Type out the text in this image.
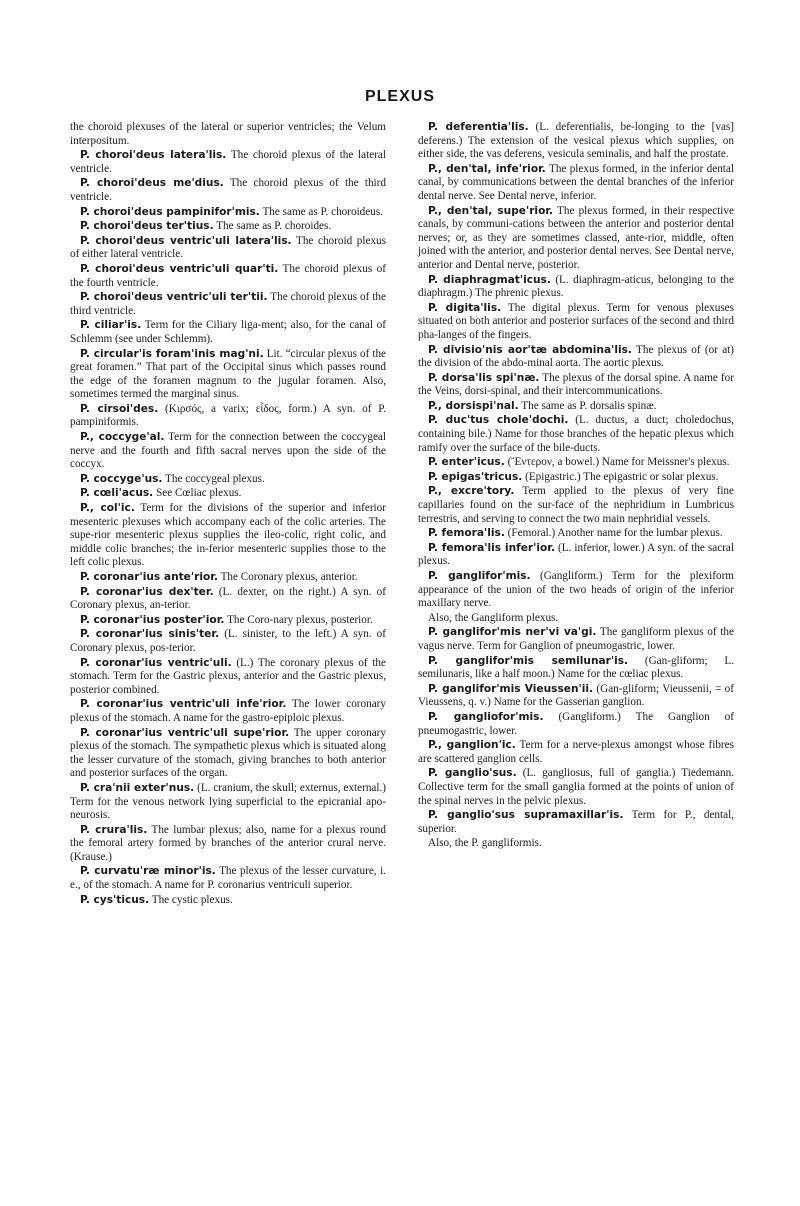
PLEXUS

the choroid plexuses of the lateral or superior ventricles; the Velum interpositum.

P. choroi'deus latera'lis. The choroid plexus of the lateral ventricle.

P. choroi'deus me'dius. The choroid plexus of the third ventricle.

P. choroi'deus pampinifor'mis. The same as P. choroideus.

P. choroi'deus ter'tius. The same as P. choroides.

P. choroi'deus ventric'uli latera'lis. The choroid plexus of either lateral ventricle.

P. choroi'deus ventric'uli quar'ti. The choroid plexus of the fourth ventricle.

P. choroi'deus ventric'uli ter'tii. The choroid plexus of the third ventricle.

P. ciliar'is. Term for the Ciliary liga-ment; also, for the canal of Schlemm (see under Schlemm).

P. circular'is foram'inis mag'ni. Lit. “circular plexus of the great foramen.” That part of the Occipital sinus which passes round the edge of the foramen magnum to the jugular foramen. Also, sometimes termed the marginal sinus.

P. cirsoi'des. (Κιρσός, a varix; εἶδος, form.) A syn. of P. pampiniformis.

P., coccyge'al. Term for the connection between the coccygeal nerve and the fourth and fifth sacral nerves upon the side of the coccyx.

P. coccyge'us. The coccygeal plexus.

P. cœli'acus. See Cœliac plexus.

P., col'ic. Term for the divisions of the superior and inferior mesenteric plexuses which accompany each of the colic arteries. The supe-rior mesenteric plexus supplies the ileo-colic, right colic, and middle colic branches; the in-ferior mesenteric supplies those to the left colic plexus.

P. coronar'ius ante'rior. The Coronary plexus, anterior.

P. coronar'ius dex'ter. (L. dexter, on the right.) A syn. of Coronary plexus, an-terior.

P. coronar'ius poster'ior. The Coro-nary plexus, posterior.

P. coronar'ius sinis'ter. (L. sinister, to the left.) A syn. of Coronary plexus, pos-terior.

P. coronar'ius ventric'uli. (L.) The coronary plexus of the stomach. Term for the Gastric plexus, anterior and the Gastric plexus, posterior combined.

P. coronar'ius ventric'uli infe'rior. The lower coronary plexus of the stomach. A name for the gastro-epiploic plexus.

P. coronar'ius ventric'uli supe'rior. The upper coronary plexus of the stomach. The sympathetic plexus which is situated along the lesser curvature of the stomach, giving branches to both anterior and posterior surfaces of the organ.

P. cra'nii exter'nus. (L. cranium, the skull; externus, external.) Term for the venous network lying superficial to the epicranial apo-neurosis.

P. crura'lis. The lumbar plexus; also, name for a plexus round the femoral artery formed by branches of the anterior crural nerve. (Krause.)

P. curvatu'ræ minor'is. The plexus of the lesser curvature, i. e., of the stomach. A name for P. coronarius ventriculi superior.

P. cys'ticus. The cystic plexus.

P. deferentia'lis. (L. deferentialis, be-longing to the [vas] deferens.) The extension of the vesical plexus which supplies, on either side, the vas deferens, vesicula seminalis, and half the prostate.

P., den'tal, infe'rior. The plexus formed, in the inferior dental canal, by communications between the dental branches of the inferior dental nerve. See Dental nerve, inferior.

P., den'tal, supe'rior. The plexus formed, in their respective canals, by communi-cations between the anterior and posterior dental nerves; or, as they are sometimes classed, ante-rior, middle, often joined with the anterior, and posterior dental nerves. See Dental nerve, anterior and Dental nerve, posterior.

P. diaphragmat'icus. (L. diaphragm-aticus, belonging to the diaphragm.) The phrenic plexus.

P. digita'lis. The digital plexus. Term for venous plexuses situated on both anterior and posterior surfaces of the second and third pha-langes of the fingers.

P. divisio'nis aor'tæ abdomina'lis. The plexus of (or at) the division of the abdo-minal aorta. The aortic plexus.

P. dorsa'lis spi'næ. The plexus of the dorsal spine. A name for the Veins, dorsi-spinal, and their intercommunications.

P., dorsispi'nal. The same as P. dorsalis spinæ.

P. duc'tus chole'dochi. (L. ductus, a duct; choledochus, containing bile.) Name for those branches of the hepatic plexus which ramify over the surface of the bile-ducts.

P. enter'icus. (Ἔντερον, a bowel.) Name for Meissner's plexus.

P. epigas'tricus. (Epigastric.) The epigastric or solar plexus.

P., excre'tory. Term applied to the plexus of very fine capillaries found on the sur-face of the nephridium in Lumbricus terrestris, and serving to connect the two main nephridial vessels.

P. femora'lis. (Femoral.) Another name for the lumbar plexus.

P. femora'lis infer'ior. (L. inferior, lower.) A syn. of the sacral plexus.

P. ganglifor'mis. (Gangliform.) Term for the plexiform appearance of the union of the two heads of origin of the inferior maxillary nerve.

Also, the Gangliform plexus.

P. ganglifor'mis ner'vi va'gi. The gangliform plexus of the vagus nerve. Term for Ganglion of pneumogastric, lower.

P. ganglifor'mis semilunar'is. (Gan-gliform; L. semilunaris, like a half moon.) Name for the cœliac plexus.

P. ganglifor'mis Vieussen'ii. (Gan-gliform; Vieussenii, = of Vieussens, q. v.) Name for the Gasserian ganglion.

P. gangliofor'mis. (Gangliform.) The Ganglion of pneumogastric, lower.

P., ganglion'ic. Term for a nerve-plexus amongst whose fibres are scattered ganglion cells.

P. ganglio'sus. (L. gangliosus, full of ganglia.) Tiedemann. Collective term for the small ganglia formed at the points of union of the spinal nerves in the pelvic plexus.

P. ganglio'sus supramaxillar'is. Term for P., dental, superior.

Also, the P. gangliformis.
